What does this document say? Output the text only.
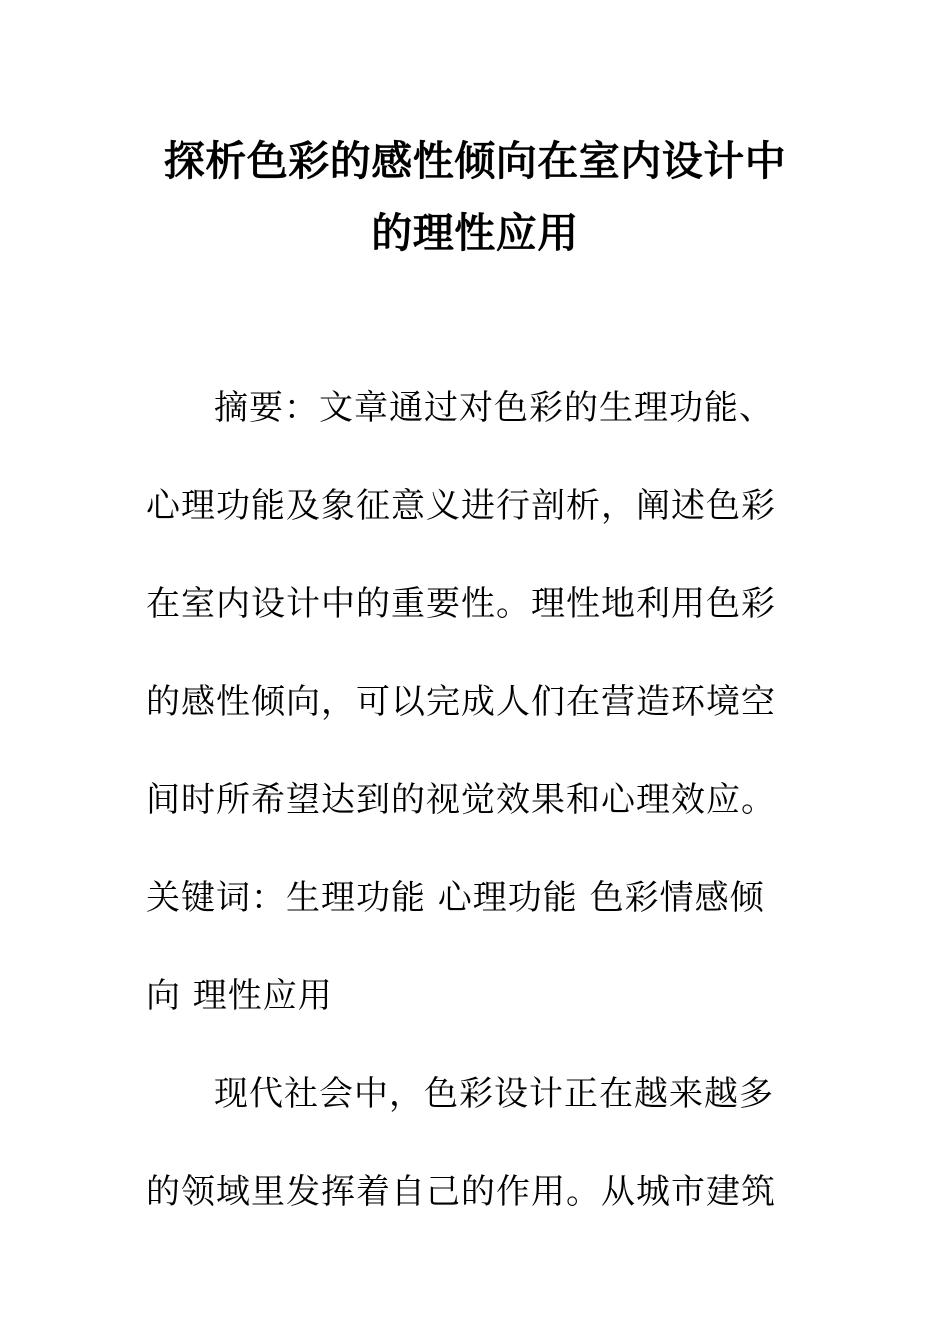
探析色彩的感性倾向在室内设计中
的理性应用
摘要：文章通过对色彩的生理功能、
心理功能及象征意义进行剖析，阐述色彩
在室内设计中的重要性。理性地利用色彩
的感性倾向，可以完成人们在营造环境空
间时所希望达到的视觉效果和心理效应。
关键词：生理功能 心理功能 色彩情感倾
向 理性应用
现代社会中，色彩设计正在越来越多
的领域里发挥着自己的作用。从城市建筑
